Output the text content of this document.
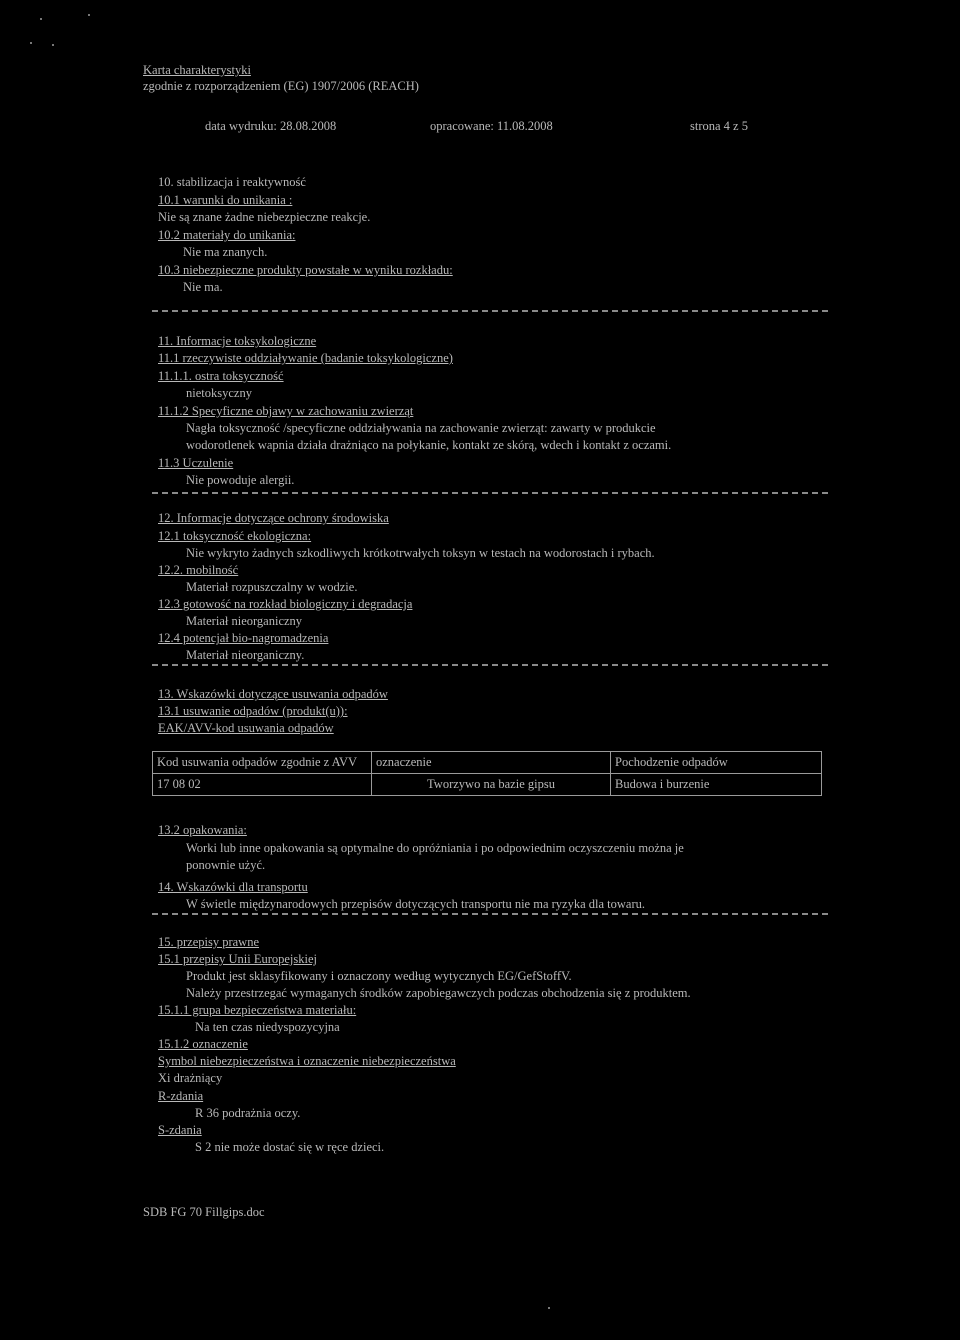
Karta charakterystyki
zgodnie z rozporządzeniem (EG) 1907/2006 (REACH)
data wydruku: 28.08.2008	opracowane: 11.08.2008	strona 4 z 5
10. stabilizacja i reaktywność
10.1 warunki do unikania :
Nie są znane żadne niebezpieczne reakcje.
10.2 materiały do unikania:
Nie ma znanych.
10.3 niebezpieczne produkty powstałe w wyniku rozkładu:
Nie ma.
11. Informacje toksykologiczne
11.1 rzeczywiste oddziaływanie (badanie toksykologiczne)
11.1.1. ostra toksyczność
nietoksyczny
11.1.2 Specyficzne objawy w zachowaniu zwierząt
Nagła toksyczność /specyficzne oddziaływania na zachowanie zwierząt: zawarty w produkcie
wodorotlenek wapnia działa drażniąco na połykanie, kontakt ze skórą, wdech i kontakt z oczami.
11.3 Uczulenie
Nie powoduje alergii.
12. Informacje dotyczące ochrony środowiska
12.1 toksyczność ekologiczna:
Nie wykryto żadnych szkodliwych krótkotrwałych toksyn w testach na wodorostach i rybach.
12.2. mobilność
Materiał rozpuszczalny w wodzie.
12.3 gotowość na rozkład biologiczny i degradacja
Materiał nieorganiczny
12.4 potencjał bio-nagromadzenia
Materiał nieorganiczny.
13. Wskazówki dotyczące usuwania odpadów
13.1 usuwanie odpadów (produkt(u)):
EAK/AVV-kod usuwania odpadów
Kod usuwania odpadów zgodnie z AVV	oznaczenie	Pochodzenie odpadów
17 08 02	Tworzywo na bazie gipsu	Budowa i burzenie
13.2 opakowania:
Worki lub inne opakowania są optymalne do opróżniania i po odpowiednim oczyszczeniu można je
ponownie użyć.
14. Wskazówki dla transportu
W świetle międzynarodowych przepisów dotyczących transportu nie ma ryzyka dla towaru.
15. przepisy prawne
15.1 przepisy Unii Europejskiej
Produkt jest sklasyfikowany i oznaczony według wytycznych EG/GefStoffV.
Należy przestrzegać wymaganych środków zapobiegawczych podczas obchodzenia się z produktem.
15.1.1 grupa bezpieczeństwa materiału:
Na ten czas niedyspozycyjna
15.1.2 oznaczenie
Symbol niebezpieczeństwa i oznaczenie niebezpieczeństwa
Xi drażniący
R-zdania
R 36 podrażnia oczy.
S-zdania
S 2 nie może dostać się w ręce dzieci.
SDB FG 70 Fillgips.doc
